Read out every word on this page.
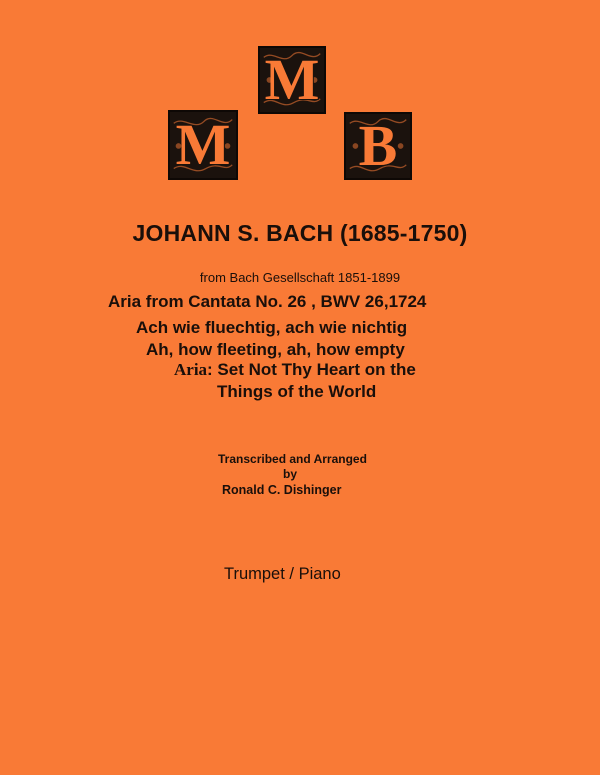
M
M B
JOHANN S. BACH (1685-1750)
from Bach Gesellschaft 1851-1899
Aria from Cantata No. 26 , BWV 26,1724
Ach wie fluechtig, ach wie nichtig
Ah, how fleeting, ah, how empty
Aria: Set Not Thy Heart on the
Things of the World
Transcribed and Arranged
by
Ronald C. Dishinger
Trumpet / Piano
